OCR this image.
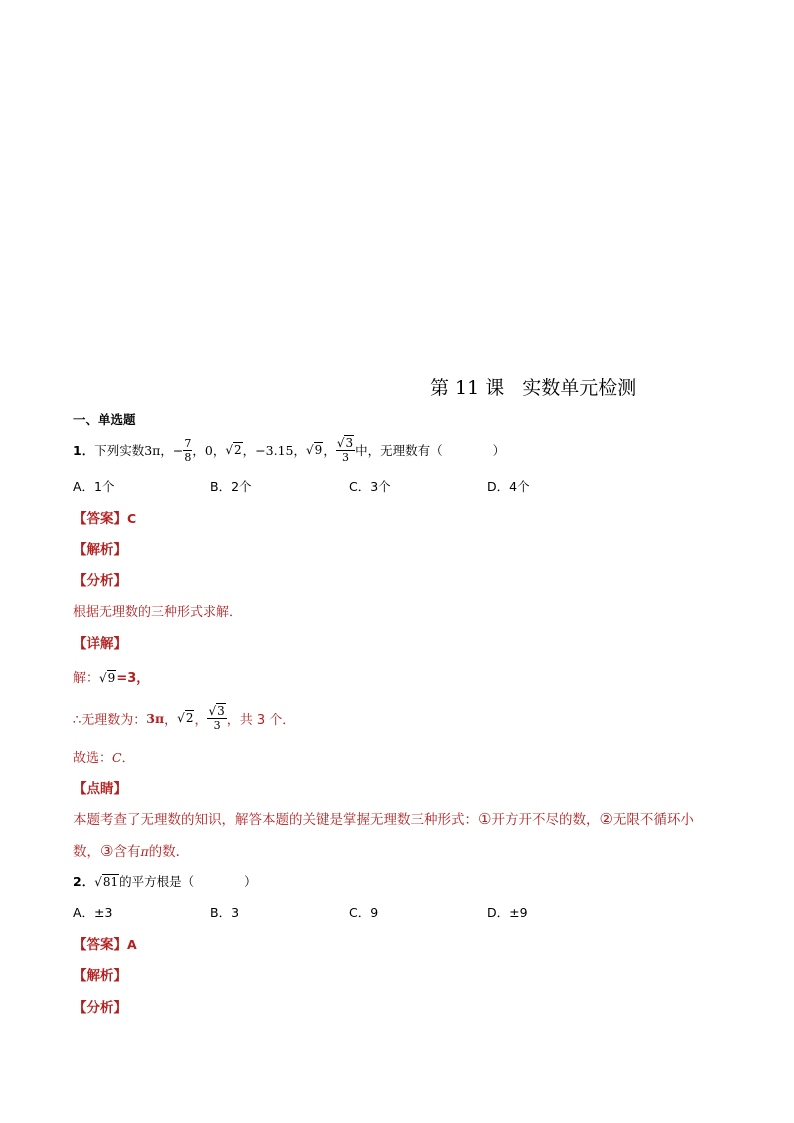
第 11 课 实数单元检测
一、单选题
1． 下列实数 3π ， − $\frac{7}{8}$ ， 0 ， √2 ， −3.15 ， √9 ， $\frac{√3}{3}$ 中，无理数有（　　　　）
A．1个	B．2个	C．3个	D．4个
【答案】C
【解析】
【分析】
根据无理数的三种形式求解．
【详解】
解：√9=3，
∴无理数为： 3π ， √2 ， $\frac{√3}{3}$ ，共 3 个．
故选：C．
【点睛】
本题考查了无理数的知识，解答本题的关键是掌握无理数三种形式：①开方开不尽的数，②无限不循环小
数，③含有π的数．
2．√81的平方根是（　　　　）
A．±3	B．3	C．9	D．±9
【答案】A
【解析】
【分析】
